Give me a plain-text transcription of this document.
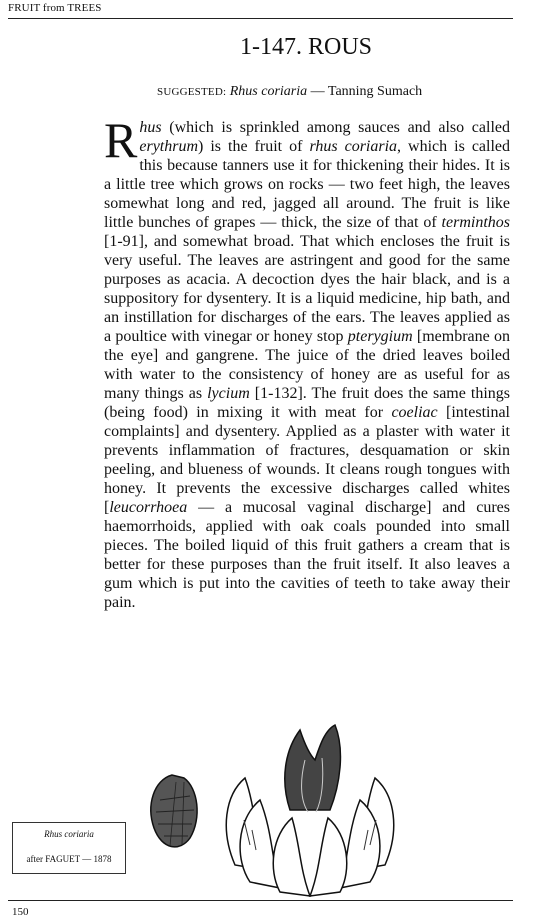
FRUIT from TREES
1-147. ROUS
SUGGESTED: Rhus coriaria — Tanning Sumach

Rhus (which is sprinkled among sauces and also called erythrum) is the fruit of rhus coriaria, which is called this because tanners use it for thickening their hides. It is a little tree which grows on rocks — two feet high, the leaves somewhat long and red, jagged all around. The fruit is like little bunches of grapes — thick, the size of that of terminthos [1-91], and somewhat broad. That which encloses the fruit is very useful. The leaves are astringent and good for the same purposes as acacia. A decoction dyes the hair black, and is a suppository for dysentery. It is a liquid medicine, hip bath, and an instillation for discharges of the ears. The leaves applied as a poultice with vinegar or honey stop pterygium [membrane on the eye] and gangrene. The juice of the dried leaves boiled with water to the consistency of honey are as useful for as many things as lycium [1-132]. The fruit does the same things (being food) in mixing it with meat for coeliac [intestinal complaints] and dysentery. Applied as a plaster with water it prevents inflammation of fractures, desquamation or skin peeling, and blueness of wounds. It cleans rough tongues with honey. It prevents the excessive discharges called whites [leucorrhoea — a mucosal vaginal discharge] and cures haemorrhoids, applied with oak coals pounded into small pieces. The boiled liquid of this fruit gathers a cream that is better for these purposes than the fruit itself. It also leaves a gum which is put into the cavities of teeth to take away their pain.

Rhus coriaria
after FAGUET — 1878
150
